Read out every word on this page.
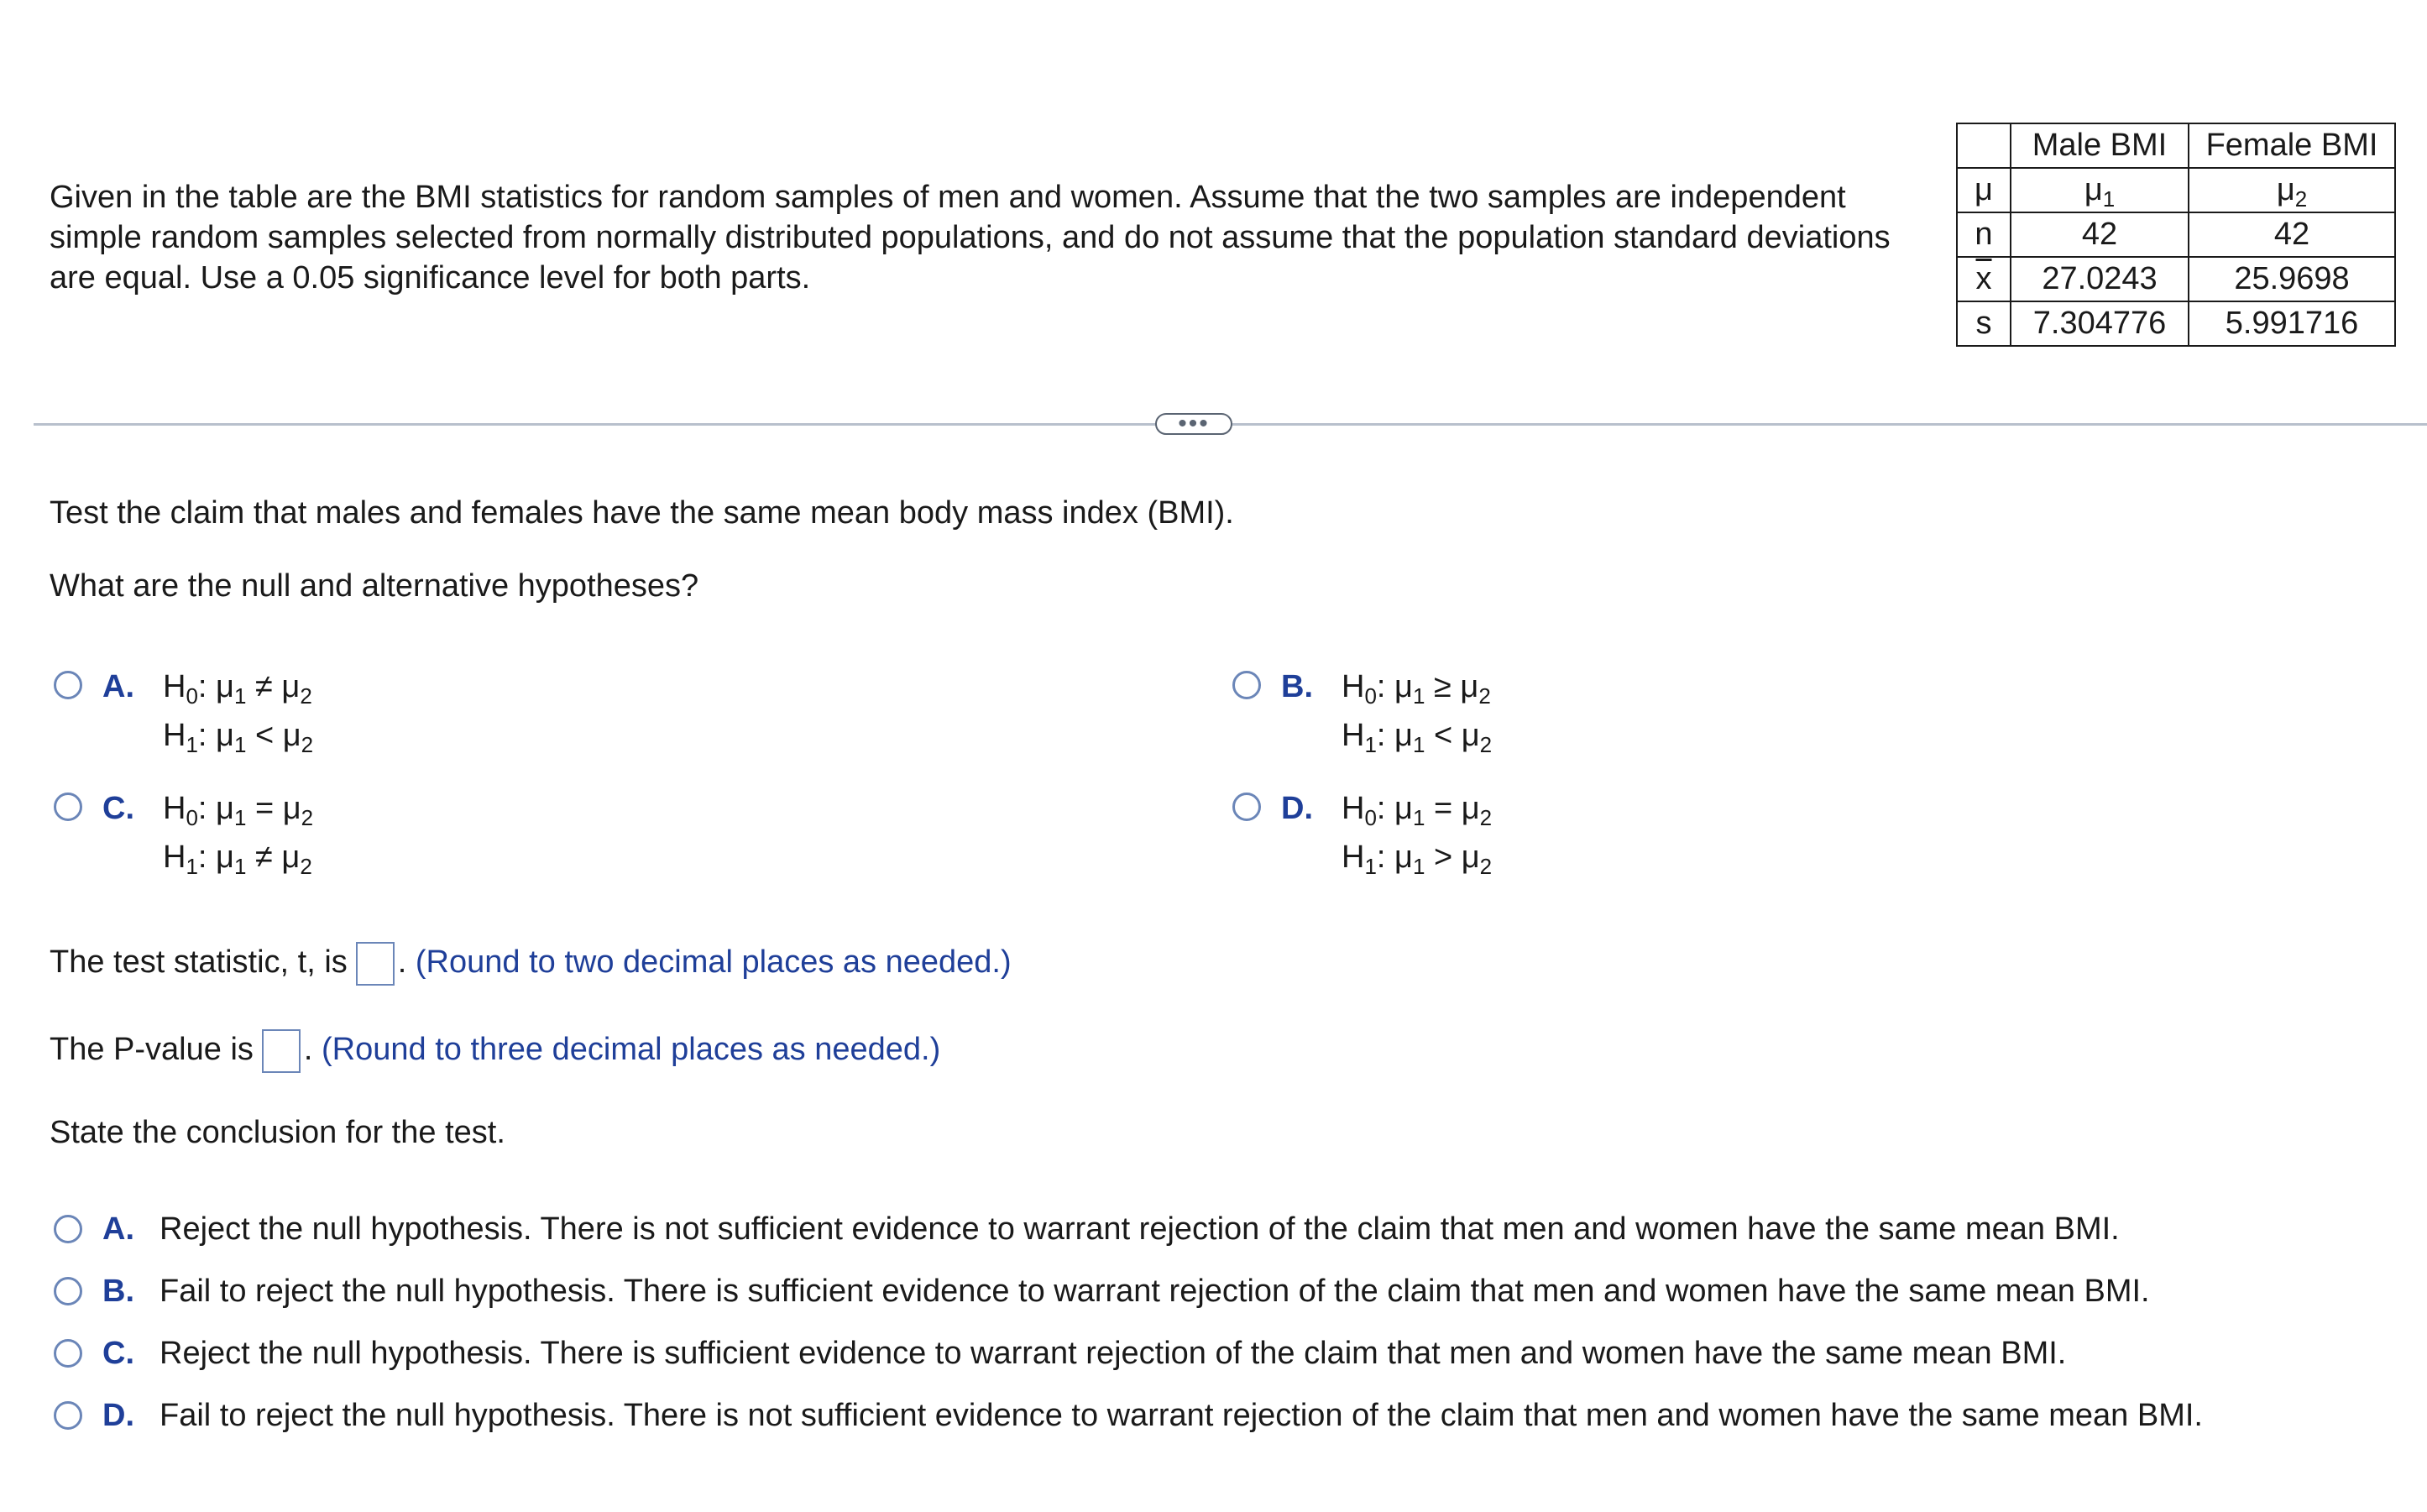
Given in the table are the BMI statistics for random samples of men and women. Assume that the two samples are independent simple random samples selected from normally distributed populations, and do not assume that the population standard deviations are equal. Use a 0.05 significance level for both parts.
	Male BMI	Female BMI
μ	$\mu_1$	$\mu_2$
n	42	42
$\overline{x}$	27.0243	25.9698
s	7.304776	5.991716
•••
Test the claim that males and females have the same mean body mass index (BMI).
What are the null and alternative hypotheses?
A. $H_0$: $\mu_1 \ne \mu_2$
$H_1$: $\mu_1 < \mu_2$
B. $H_0$: $\mu_1 \ge \mu_2$
$H_1$: $\mu_1 < \mu_2$
C. $H_0$: $\mu_1 = \mu_2$
$H_1$: $\mu_1 \ne \mu_2$
D. $H_0$: $\mu_1 = \mu_2$
$H_1$: $\mu_1 > \mu_2$
The test statistic, t, is . (Round to two decimal places as needed.)
The P-value is . (Round to three decimal places as needed.)
State the conclusion for the test.
A. Reject the null hypothesis. There is not sufficient evidence to warrant rejection of the claim that men and women have the same mean BMI.
B. Fail to reject the null hypothesis. There is sufficient evidence to warrant rejection of the claim that men and women have the same mean BMI.
C. Reject the null hypothesis. There is sufficient evidence to warrant rejection of the claim that men and women have the same mean BMI.
D. Fail to reject the null hypothesis. There is not sufficient evidence to warrant rejection of the claim that men and women have the same mean BMI.
